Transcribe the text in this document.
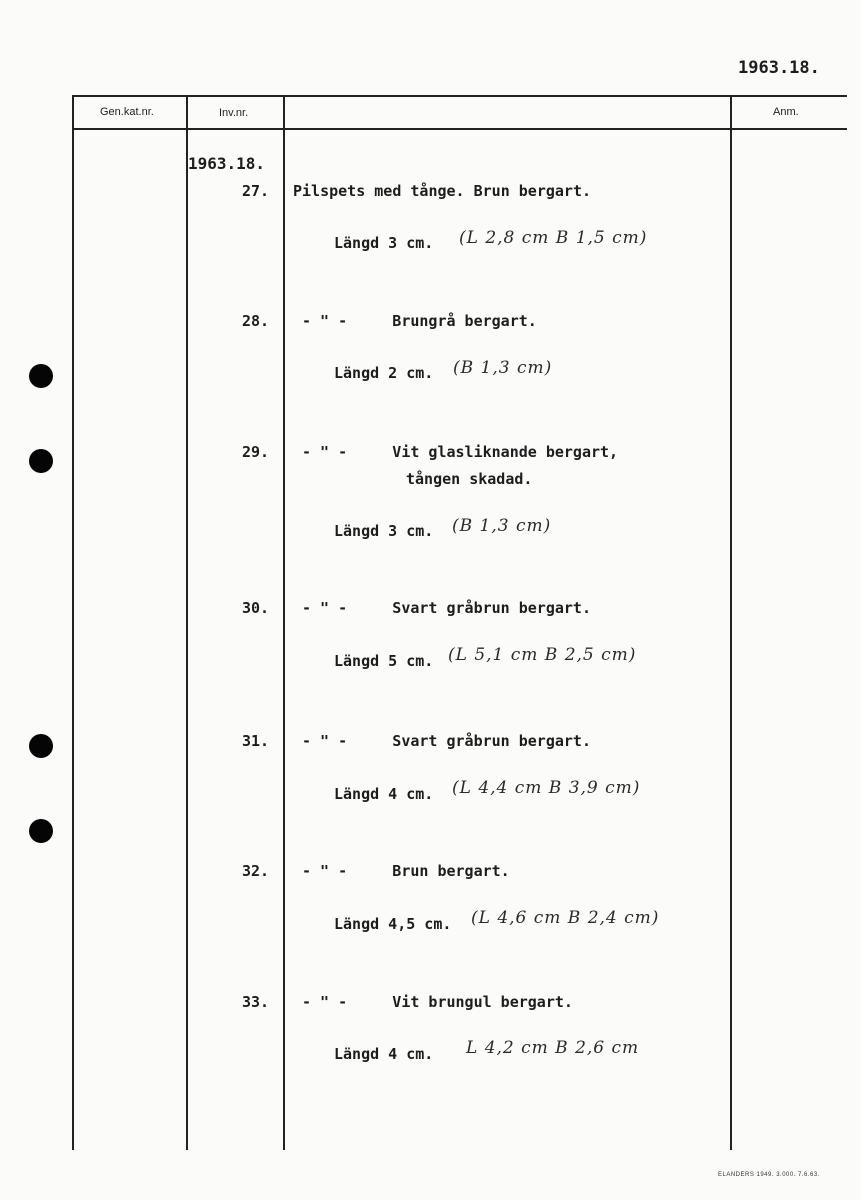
1963.18.
Gen.kat.nr.	Inv.nr.	Anm.
1963.18.
27. Pilspets med tånge. Brun bergart.
Längd 3 cm. (L 2,8 cm B 1,5 cm)
28. - " -     Brungrå bergart.
Längd 2 cm. (B 1,3 cm)
29. - " -     Vit glasliknande bergart,
tången skadad.
Längd 3 cm. (B 1,3 cm)
30. - " -     Svart gråbrun bergart.
Längd 5 cm. (L 5,1 cm B 2,5 cm)
31. - " -     Svart gråbrun bergart.
Längd 4 cm. (L 4,4 cm B 3,9 cm)
32. - " -     Brun bergart.
Längd 4,5 cm. (L 4,6 cm B 2,4 cm)
33. - " -     Vit brungul bergart.
Längd 4 cm. L 4,2 cm B 2,6 cm
ELANDERS 1949. 3.000. 7.6.63.
